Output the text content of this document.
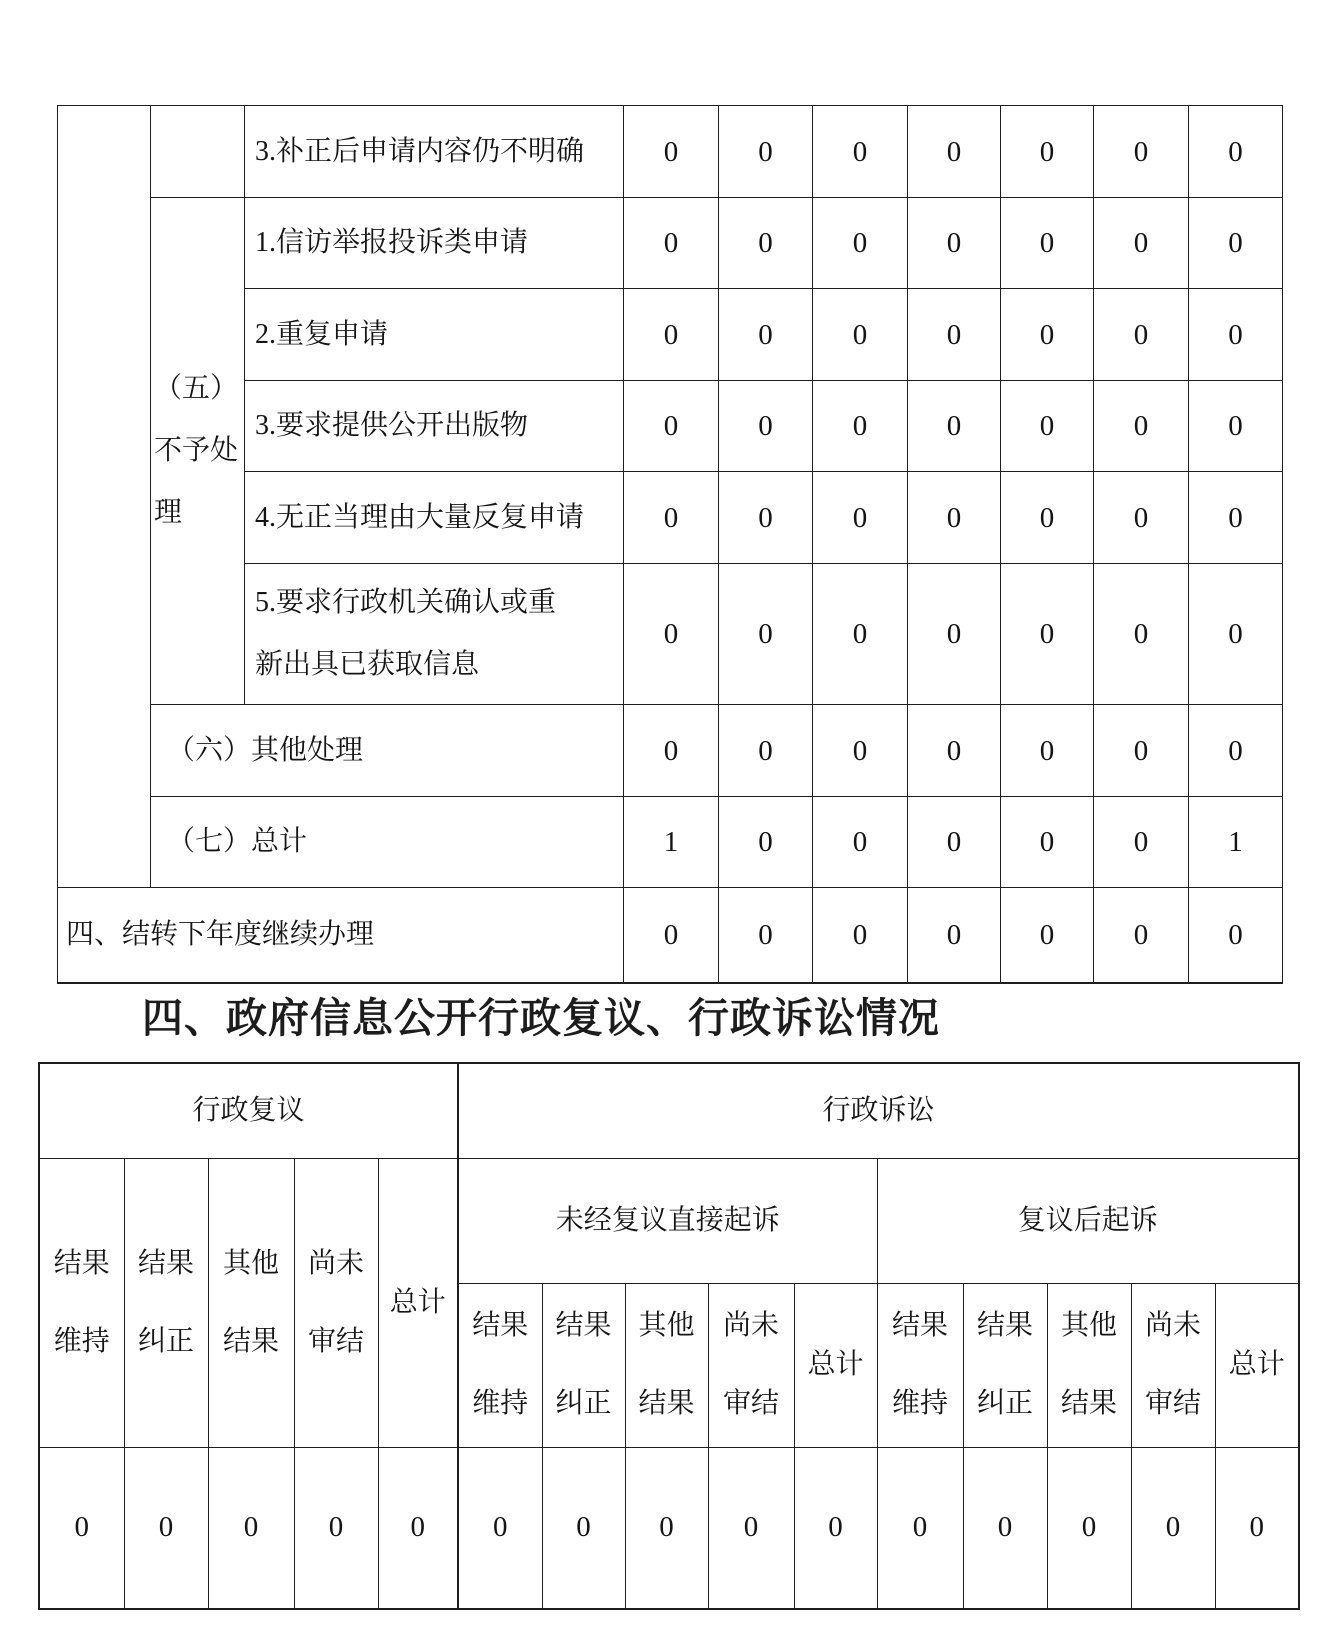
		3.补正后申请内容仍不明确	0	0	0	0	0	0	0
	（五）不予处理	1.信访举报投诉类申请	0	0	0	0	0	0	0
		2.重复申请	0	0	0	0	0	0	0
		3.要求提供公开出版物	0	0	0	0	0	0	0
		4.无正当理由大量反复申请	0	0	0	0	0	0	0
		5.要求行政机关确认或重新出具已获取信息	0	0	0	0	0	0	0
	（六）其他处理		0	0	0	0	0	0	0
	（七）总计		1	0	0	0	0	0	1
四、结转下年度继续办理			0	0	0	0	0	0	0
四、政府信息公开行政复议、行政诉讼情况
行政复议					行政诉讼									
结果维持	结果纠正	其他结果	尚未审结	总计	未经复议直接起诉					复议后起诉				
					结果维持	结果纠正	其他结果	尚未审结	总计	结果维持	结果纠正	其他结果	尚未审结	总计
0	0	0	0	0	0	0	0	0	0	0	0	0	0	0
